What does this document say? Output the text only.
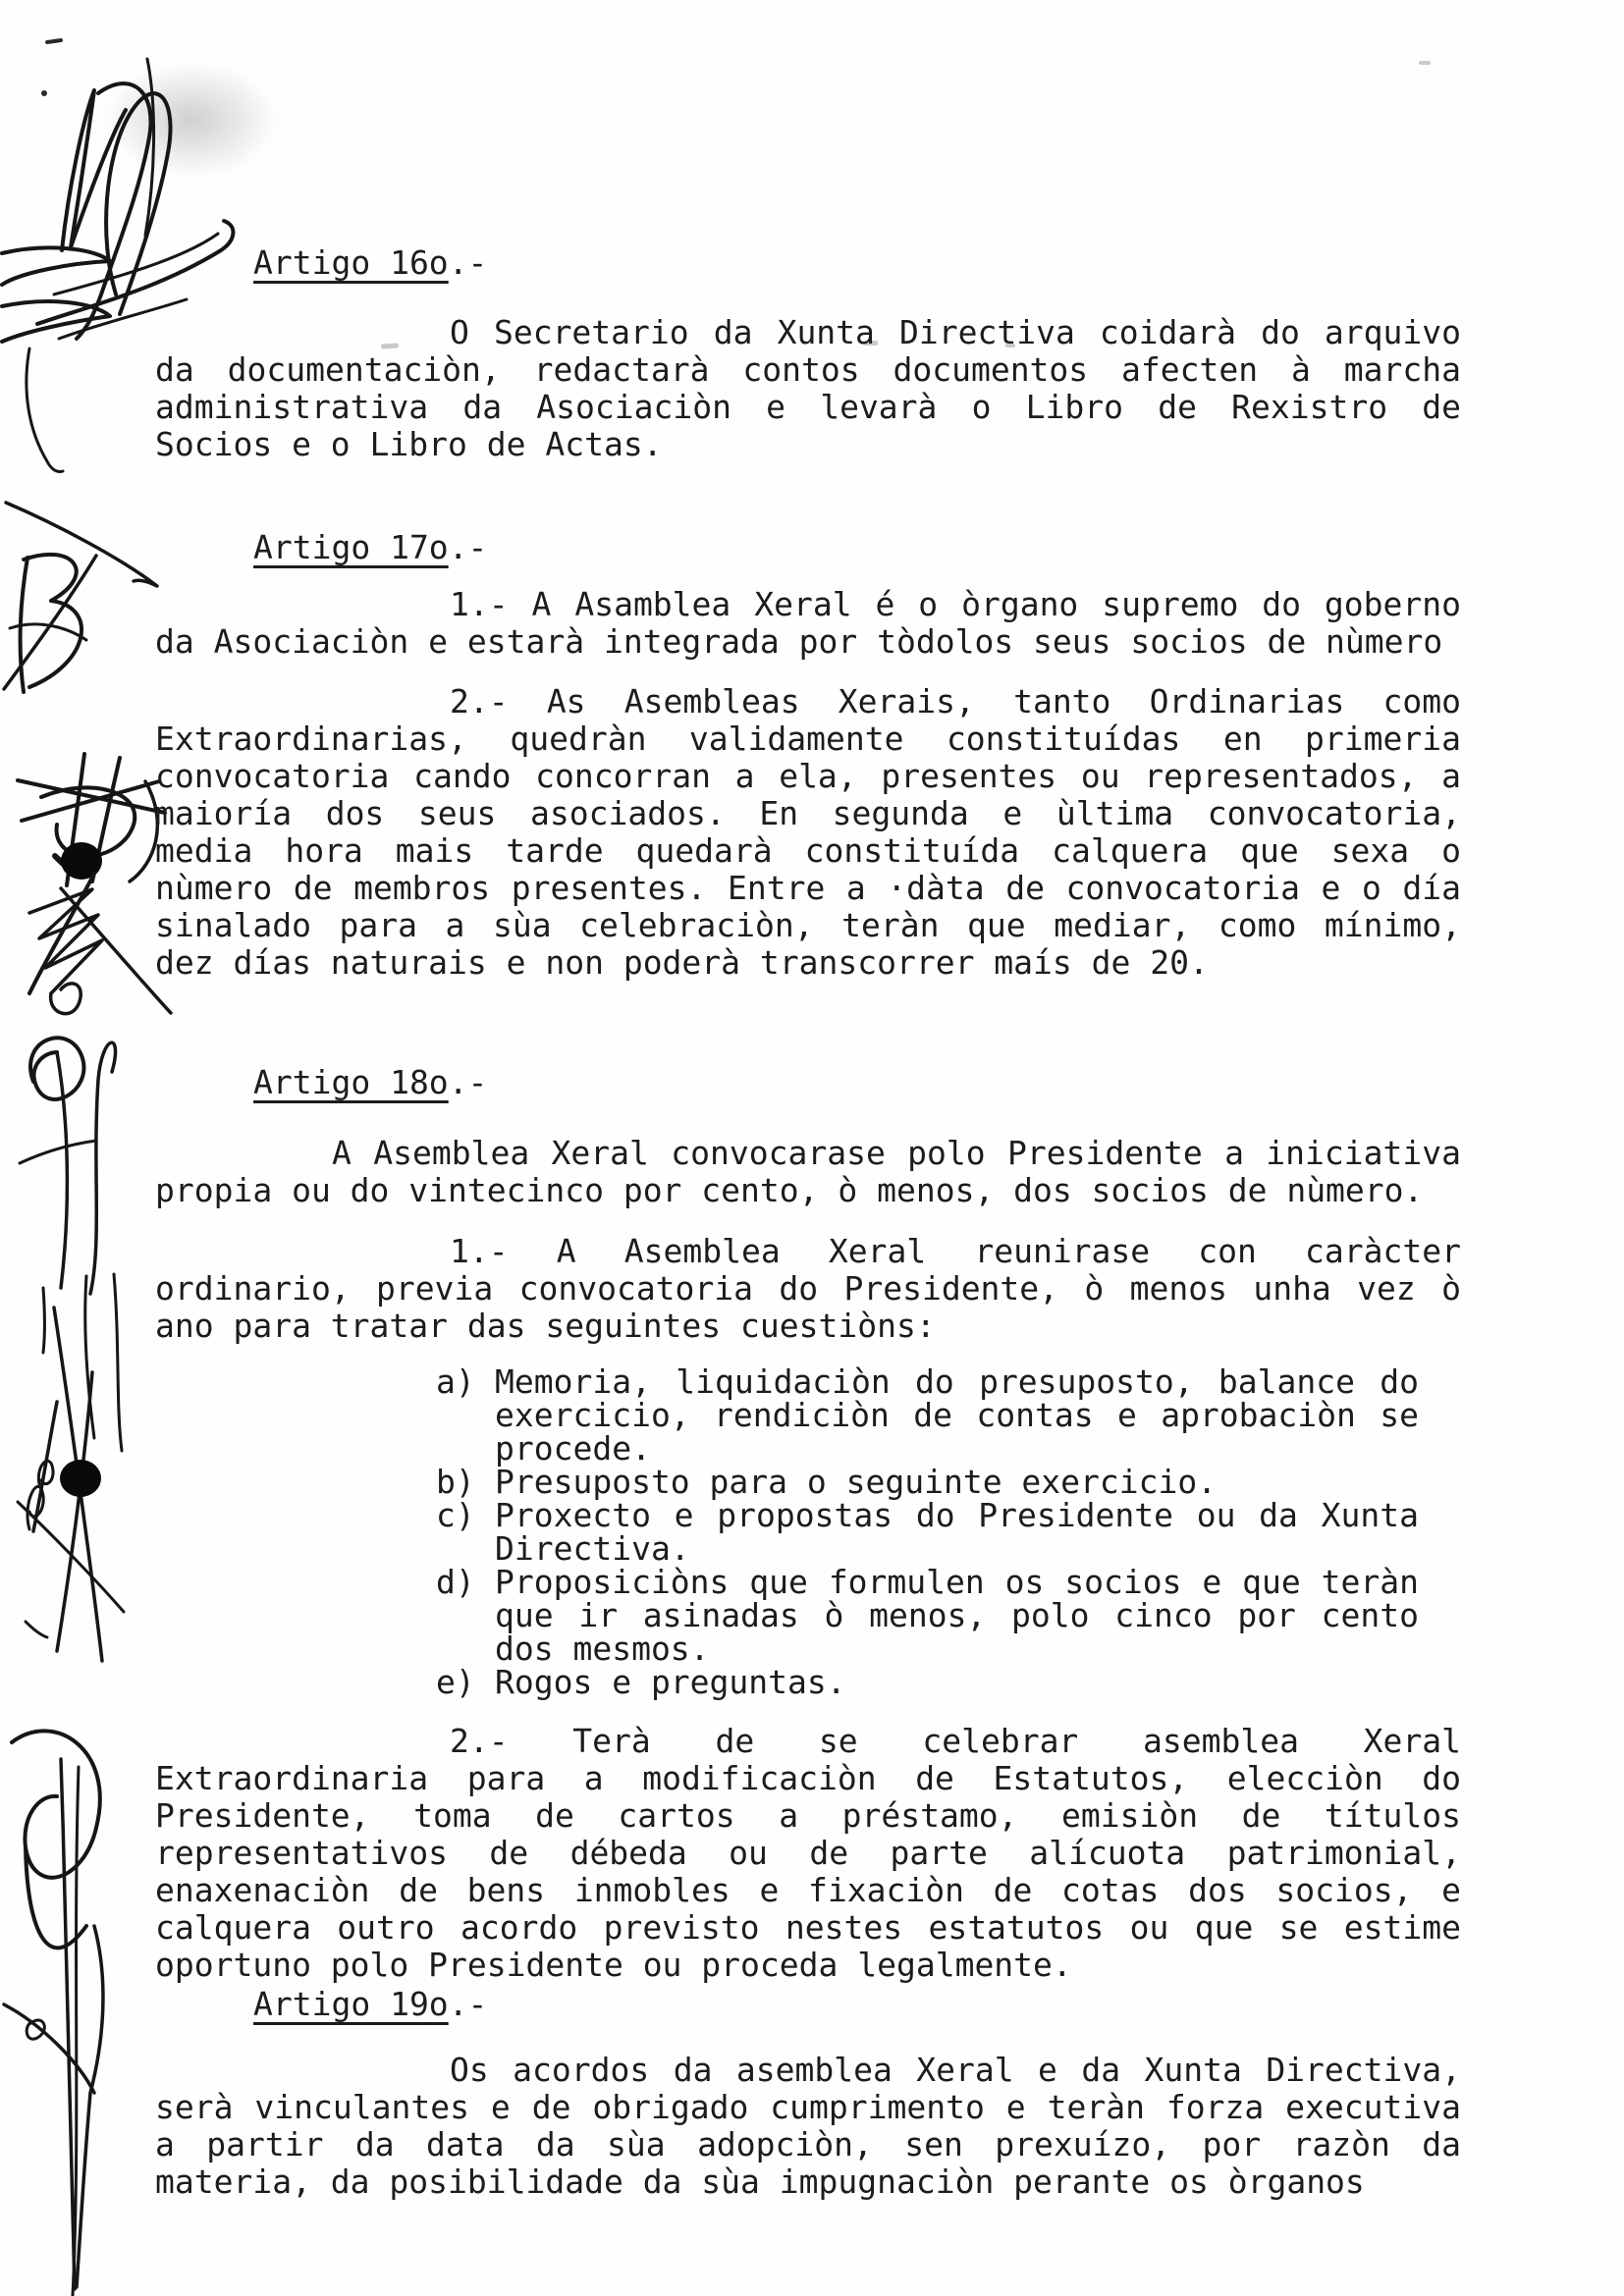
Artigo 16o.-

O Secretario da Xunta Directiva coidarà do arquivo da documentaciòn, redactarà contos documentos afecten à marcha administrativa da Asociaciòn e levarà o Libro de Rexistro de Socios e o Libro de Actas.

Artigo 17o.-

1.- A Asamblea Xeral é o òrgano supremo do goberno da Asociaciòn e estarà integrada por tòdolos seus socios de nùmero

2.- As Asembleas Xerais, tanto Ordinarias como Extraordinarias, quedràn validamente constituídas en primeria convocatoria cando concorran a ela, presentes ou representados, a maioría dos seus asociados. En segunda e ùltima convocatoria, media hora mais tarde quedarà constituída calquera que sexa o nùmero de membros presentes. Entre a ·dàta de convocatoria e o día sinalado para a sùa celebraciòn, teràn que mediar, como mínimo, dez días naturais e non poderà transcorrer maís de 20.

Artigo 18o.-

A Asemblea Xeral convocarase polo Presidente a iniciativa propia ou do vintecinco por cento, ò menos, dos socios de nùmero.

1.- A Asemblea Xeral reunirase con caràcter ordinario, previa convocatoria do Presidente, ò menos unha vez ò ano para tratar das seguintes cuestiòns:

a) Memoria, liquidaciòn do presuposto, balance do exercicio, rendiciòn de contas e aprobaciòn se procede.
b) Presuposto para o seguinte exercicio.
c) Proxecto e propostas do Presidente ou da Xunta Directiva.
d) Proposiciòns que formulen os socios e que teràn que ir asinadas ò menos, polo cinco por cento dos mesmos.
e) Rogos e preguntas.

2.- Terà de se celebrar asemblea Xeral Extraordinaria para a modificaciòn de Estatutos, elecciòn do Presidente, toma de cartos a préstamo, emisiòn de títulos representativos de débeda ou de parte alícuota patrimonial, enaxenaciòn de bens inmobles e fixaciòn de cotas dos socios, e calquera outro acordo previsto nestes estatutos ou que se estime oportuno polo Presidente ou proceda legalmente.

Artigo 19o.-

Os acordos da asemblea Xeral e da Xunta Directiva, serà vinculantes e de obrigado cumprimento e teràn forza executiva a partir da data da sùa adopciòn, sen prexuízo, por razòn da materia, da posibilidade da sùa impugnaciòn perante os òrganos
